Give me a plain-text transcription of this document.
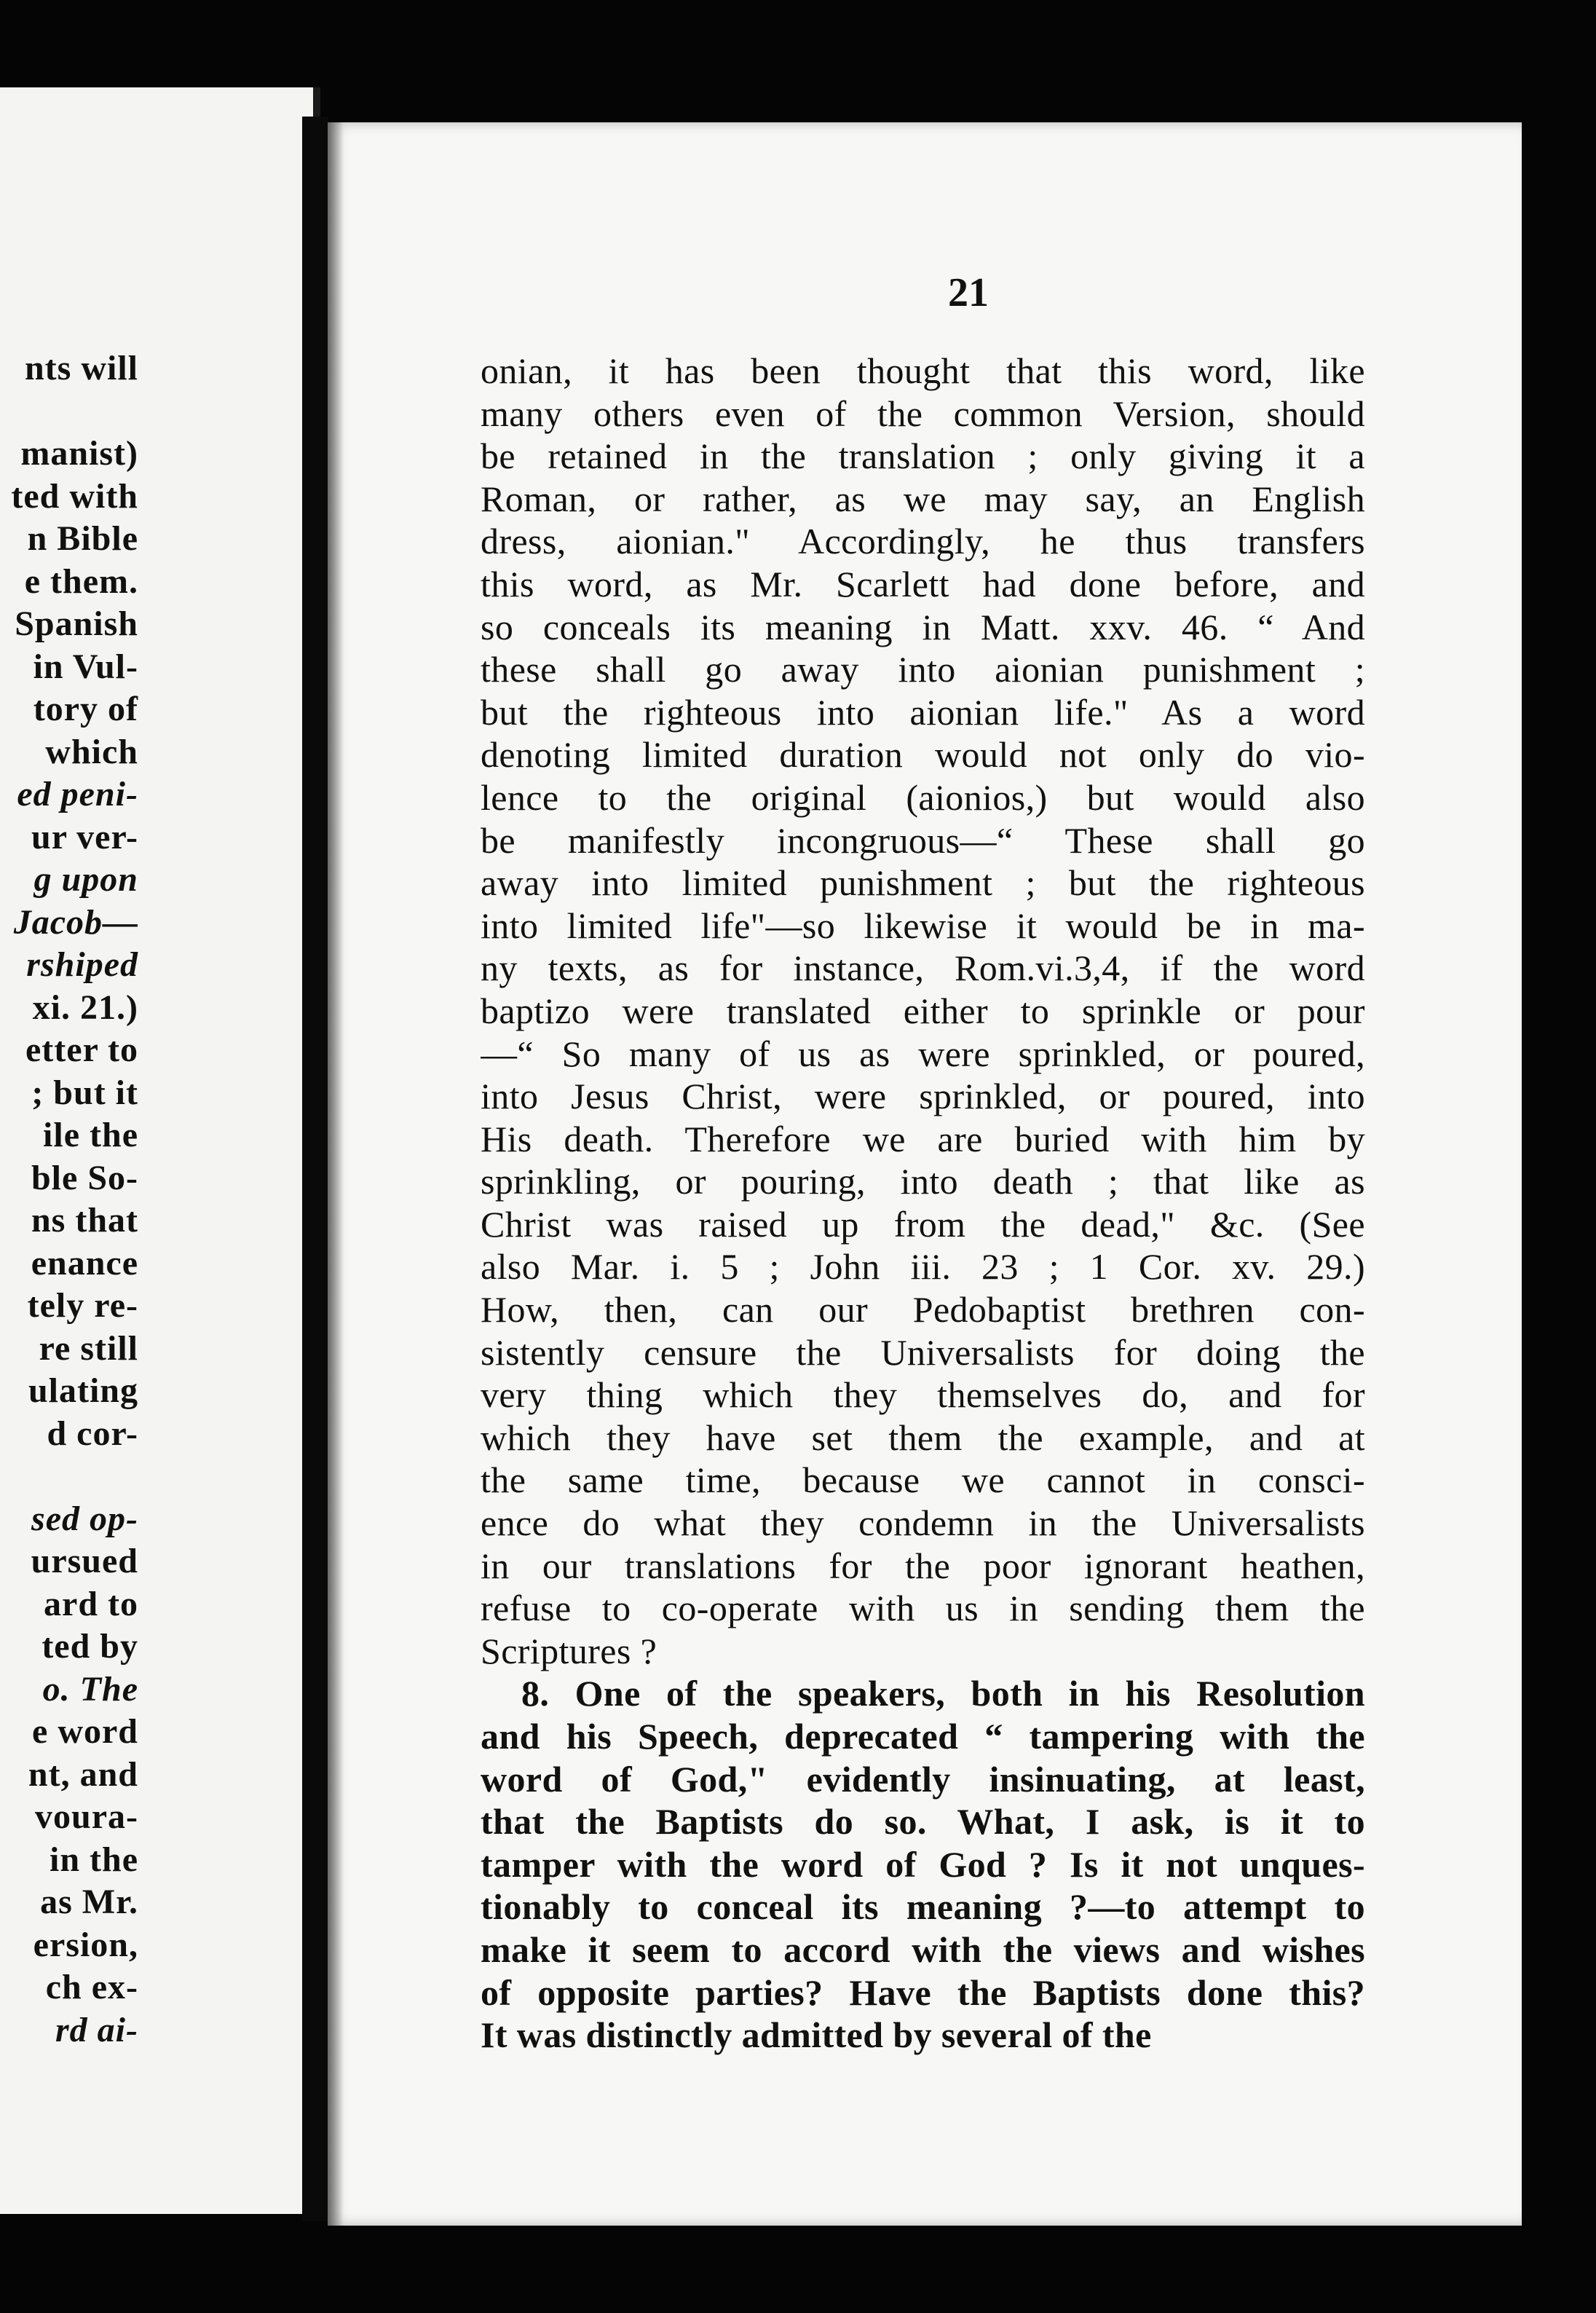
nts will
manist)
ted with
n Bible
e them.
Spanish
in Vul-
tory of
which
ed peni-
ur ver-
g upon
Jacob—
rshiped
xi. 21.)
etter to
; but it
ile the
ble So-
ns that
enance
tely re-
re still
ulating
d cor-
sed op-
ursued
ard to
ted by
o. The
e word
nt, and
voura-
in the
as Mr.
ersion,
ch ex-
rd ai-
21
onian, it has been thought that this word, like
many others even of the common Version, should
be retained in the translation ; only giving it a
Roman, or rather, as we may say, an English
dress, aionian." Accordingly, he thus transfers
this word, as Mr. Scarlett had done before, and
so conceals its meaning in Matt. xxv. 46. “ And
these shall go away into aionian punishment ;
but the righteous into aionian life." As a word
denoting limited duration would not only do vio-
lence to the original (aionios,) but would also
be manifestly incongruous—“ These shall go
away into limited punishment ; but the righteous
into limited life"—so likewise it would be in ma-
ny texts, as for instance, Rom.vi.3,4, if the word
baptizo were translated either to sprinkle or pour
—“ So many of us as were sprinkled, or poured,
into Jesus Christ, were sprinkled, or poured, into
His death. Therefore we are buried with him by
sprinkling, or pouring, into death ; that like as
Christ was raised up from the dead," &c. (See
also Mar. i. 5 ; John iii. 23 ; 1 Cor. xv. 29.)
How, then, can our Pedobaptist brethren con-
sistently censure the Universalists for doing the
very thing which they themselves do, and for
which they have set them the example, and at
the same time, because we cannot in consci-
ence do what they condemn in the Universalists
in our translations for the poor ignorant heathen,
refuse to co-operate with us in sending them the
Scriptures ?
8. One of the speakers, both in his Resolution
and his Speech, deprecated “ tampering with the
word of God," evidently insinuating, at least,
that the Baptists do so. What, I ask, is it to
tamper with the word of God ? Is it not unques-
tionably to conceal its meaning ?—to attempt to
make it seem to accord with the views and wishes
of opposite parties? Have the Baptists done this?
It was distinctly admitted by several of the
